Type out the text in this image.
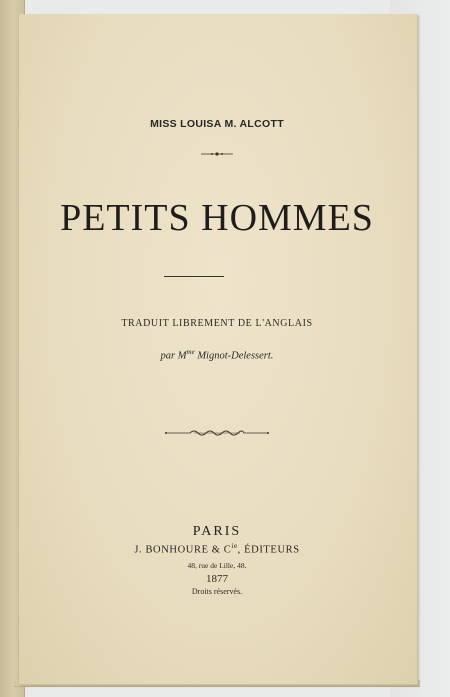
MISS LOUISA M. ALCOTT
PETITS HOMMES
TRADUIT LIBREMENT DE L'ANGLAIS
par $M^{me}$ Mignot-Delessert.
PARIS
J. BONHOURE & $C^{ie}$, ÉDITEURS
48, rue de Lille, 48.
1877
Droits réservés.
